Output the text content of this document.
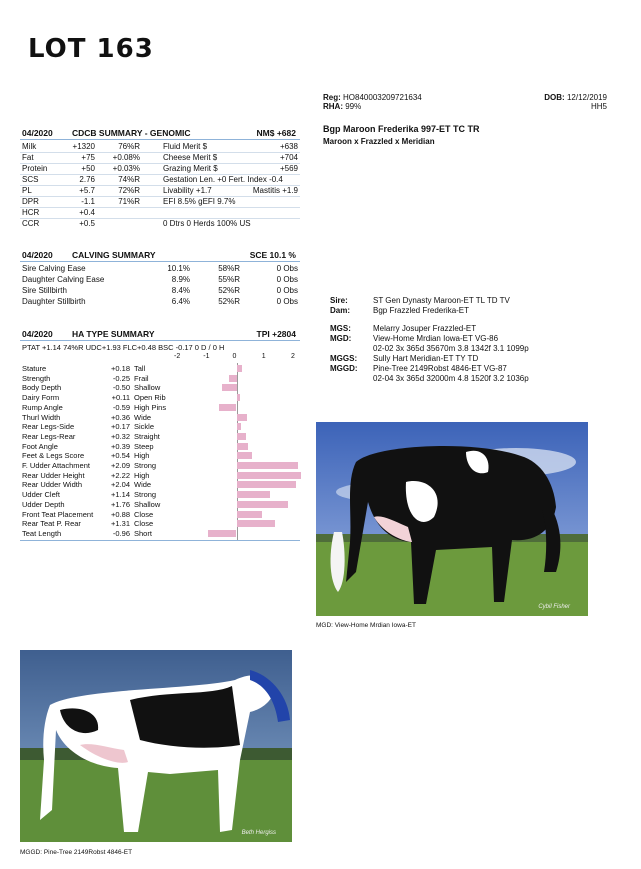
LOT 163
Reg: HO840003209721634
RHA: 99%
DOB: 12/12/2019
HH5
Bgp Maroon Frederika 997-ET TC TR
Maroon x Frazzled x Meridian
04/2020 CDCB SUMMARY - GENOMIC	NM$ +682
Milk	+1320	76%R	Fluid Merit $	+638
Fat	+75 +0.08%	Cheese Merit $	+704
Protein	+50 +0.03%	Grazing Merit $	+569
SCS	2.76	74%R	Gestation Len. +0 Fert. Index -0.4
PL	+5.7	72%R	Livability +1.7	Mastitis +1.9
DPR	-1.1	71%R	EFI 8.5% gEFI 9.7%
HCR	+0.4
CCR	+0.5	0 Dtrs 0 Herds 100% US
04/2020 CALVING SUMMARY	SCE 10.1 %
Sire Calving Ease	10.1%	58%R	0 Obs
Daughter Calving Ease	8.9%	55%R	0 Obs
Sire Stillbirth	8.4%	52%R	0 Obs
Daughter Stillbirth	6.4%	52%R	0 Obs
04/2020 HA TYPE SUMMARY	TPI +2804
PTAT +1.14 74%R UDC+1.93 FLC+0.48 BSC -0.17 0 D / 0 H
-2	-1	0	1	2
Stature	+0.18 Tall
Strength	-0.25 Frail
Body Depth	-0.50 Shallow
Dairy Form	+0.11 Open Rib
Rump Angle	-0.59 High Pins
Thurl Width	+0.36 Wide
Rear Legs-Side	+0.17 Sickle
Rear Legs-Rear	+0.32 Straight
Foot Angle	+0.39 Steep
Feet & Legs Score	+0.54 High
F. Udder Attachment	+2.09 Strong
Rear Udder Height	+2.22 High
Rear Udder Width	+2.04 Wide
Udder Cleft	+1.14 Strong
Udder Depth	+1.76 Shallow
Front Teat Placement +0.88 Close
Rear Teat P. Rear	+1.31 Close
Teat Length	-0.96 Short
Sire:	ST Gen Dynasty Maroon-ET TL TD TV
Dam:	Bgp Frazzled Frederika-ET
MGS:	Melarry Josuper Frazzled-ET
MGD:	View-Home Mrdian Iowa-ET VG-86
02-02 3x 365d 35670m 3.8 1342f 3.1 1099p
MGGS: Sully Hart Meridian-ET TY TD
MGGD: Pine-Tree 2149Robst 4846-ET VG-87
02-04 3x 365d 32000m 4.8 1520f 3.2 1036p
Cybil Fisher
MGD: View-Home Mrdian Iowa-ET
Beth Hergiss
MGGD: Pine-Tree 2149Robst 4846-ET
